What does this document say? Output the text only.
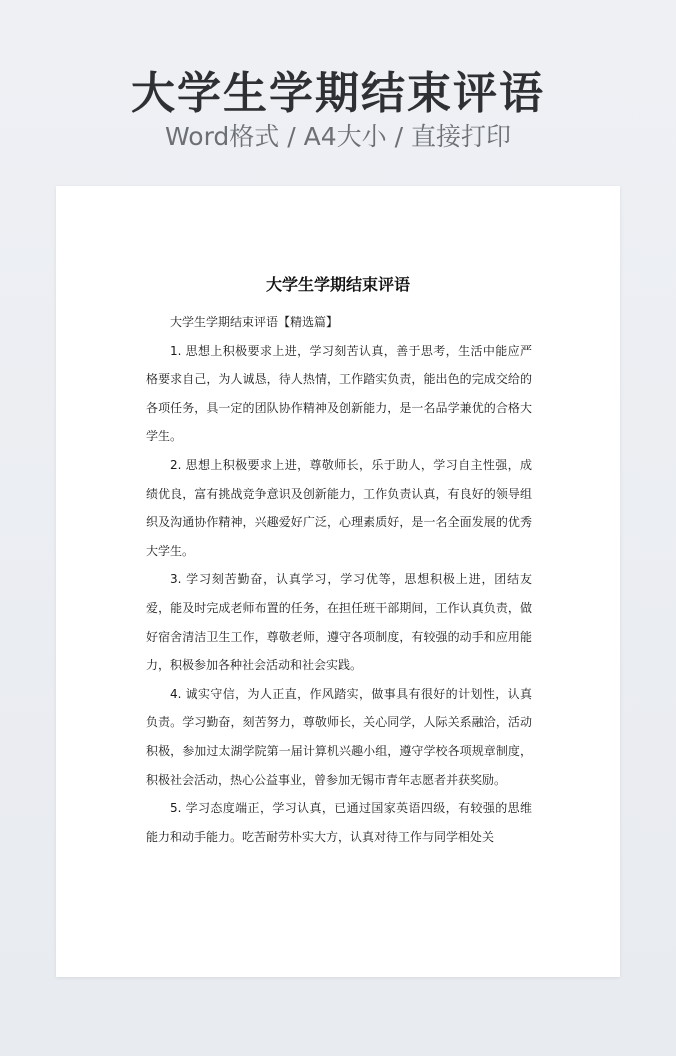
大学生学期结束评语
Word格式 / A4大小 / 直接打印
大学生学期结束评语

大学生学期结束评语【精选篇】

1. 思想上积极要求上进，学习刻苦认真，善于思考，生活中能应严格要求自己，为人诚恳，待人热情，工作踏实负责，能出色的完成交给的各项任务，具一定的团队协作精神及创新能力，是一名品学兼优的合格大学生。

2. 思想上积极要求上进，尊敬师长，乐于助人，学习自主性强，成绩优良，富有挑战竞争意识及创新能力，工作负责认真，有良好的领导组织及沟通协作精神，兴趣爱好广泛，心理素质好，是一名全面发展的优秀大学生。

3. 学习刻苦勤奋，认真学习，学习优等，思想积极上进，团结友爱，能及时完成老师布置的任务，在担任班干部期间，工作认真负责，做好宿舍清洁卫生工作，尊敬老师，遵守各项制度，有较强的动手和应用能力，积极参加各种社会活动和社会实践。

4. 诚实守信，为人正直，作风踏实，做事具有很好的计划性，认真负责。学习勤奋，刻苦努力，尊敬师长，关心同学，人际关系融洽，活动积极，参加过太湖学院第一届计算机兴趣小组，遵守学校各项规章制度，积极社会活动，热心公益事业，曾参加无锡市青年志愿者并获奖励。

5. 学习态度端正，学习认真，已通过国家英语四级，有较强的思维能力和动手能力。吃苦耐劳朴实大方，认真对待工作与同学相处关
